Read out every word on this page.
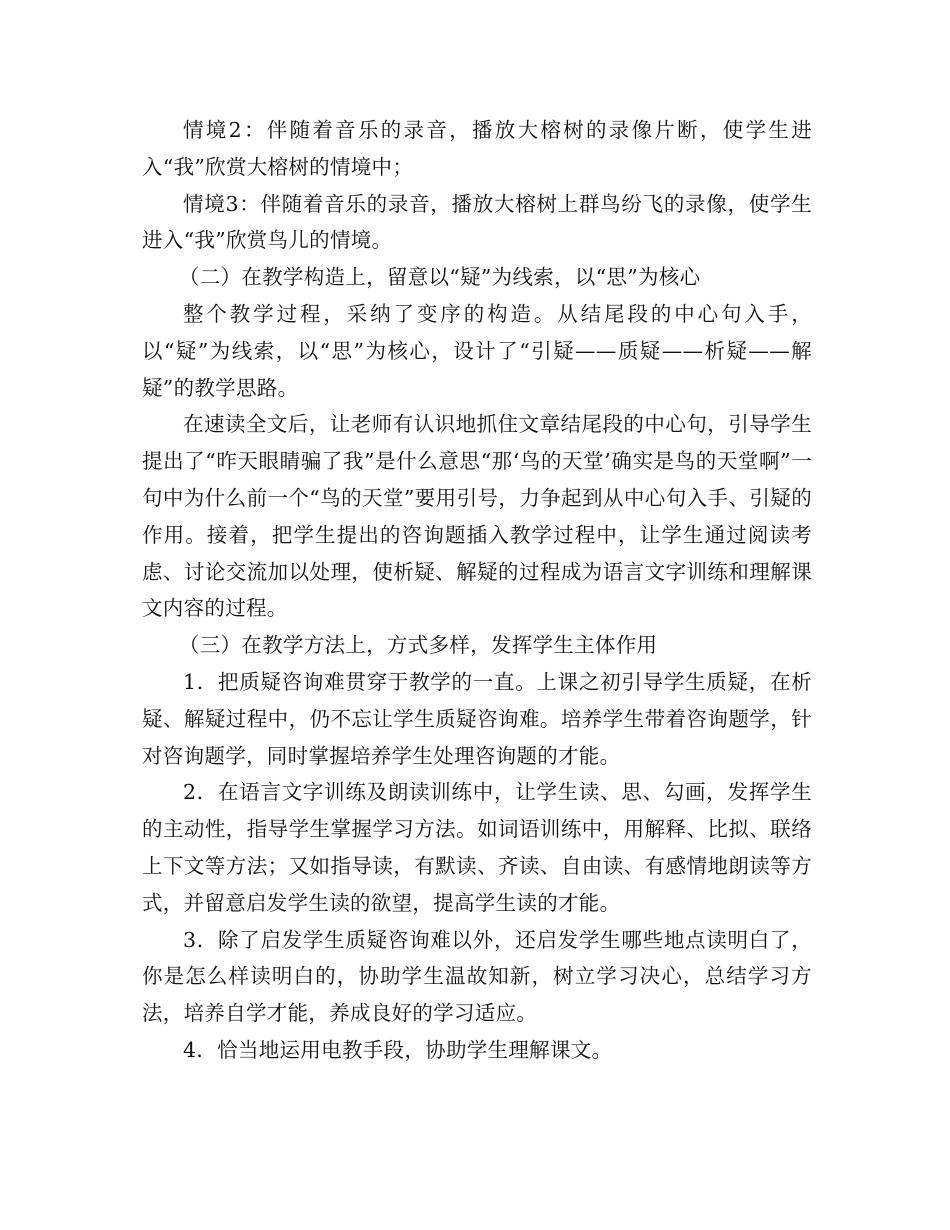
情境2：伴随着音乐的录音，播放大榕树的录像片断，使学生进入“我”欣赏大榕树的情境中；

情境3：伴随着音乐的录音，播放大榕树上群鸟纷飞的录像，使学生进入“我”欣赏鸟儿的情境。

（二）在教学构造上，留意以“疑”为线索，以“思”为核心

整个教学过程，采纳了变序的构造。从结尾段的中心句入手，以“疑”为线索，以“思”为核心，设计了“引疑——质疑——析疑——解疑”的教学思路。

在速读全文后，让老师有认识地抓住文章结尾段的中心句，引导学生提出了“昨天眼睛骗了我”是什么意思“那‘鸟的天堂’确实是鸟的天堂啊”一句中为什么前一个“鸟的天堂”要用引号，力争起到从中心句入手、引疑的作用。接着，把学生提出的咨询题插入教学过程中，让学生通过阅读考虑、讨论交流加以处理，使析疑、解疑的过程成为语言文字训练和理解课文内容的过程。

（三）在教学方法上，方式多样，发挥学生主体作用

1．把质疑咨询难贯穿于教学的一直。上课之初引导学生质疑，在析疑、解疑过程中，仍不忘让学生质疑咨询难。培养学生带着咨询题学，针对咨询题学，同时掌握培养学生处理咨询题的才能。

2．在语言文字训练及朗读训练中，让学生读、思、勾画，发挥学生的主动性，指导学生掌握学习方法。如词语训练中，用解释、比拟、联络上下文等方法；又如指导读，有默读、齐读、自由读、有感情地朗读等方式，并留意启发学生读的欲望，提高学生读的才能。

3．除了启发学生质疑咨询难以外，还启发学生哪些地点读明白了，你是怎么样读明白的，协助学生温故知新，树立学习决心，总结学习方法，培养自学才能，养成良好的学习适应。

4．恰当地运用电教手段，协助学生理解课文。
